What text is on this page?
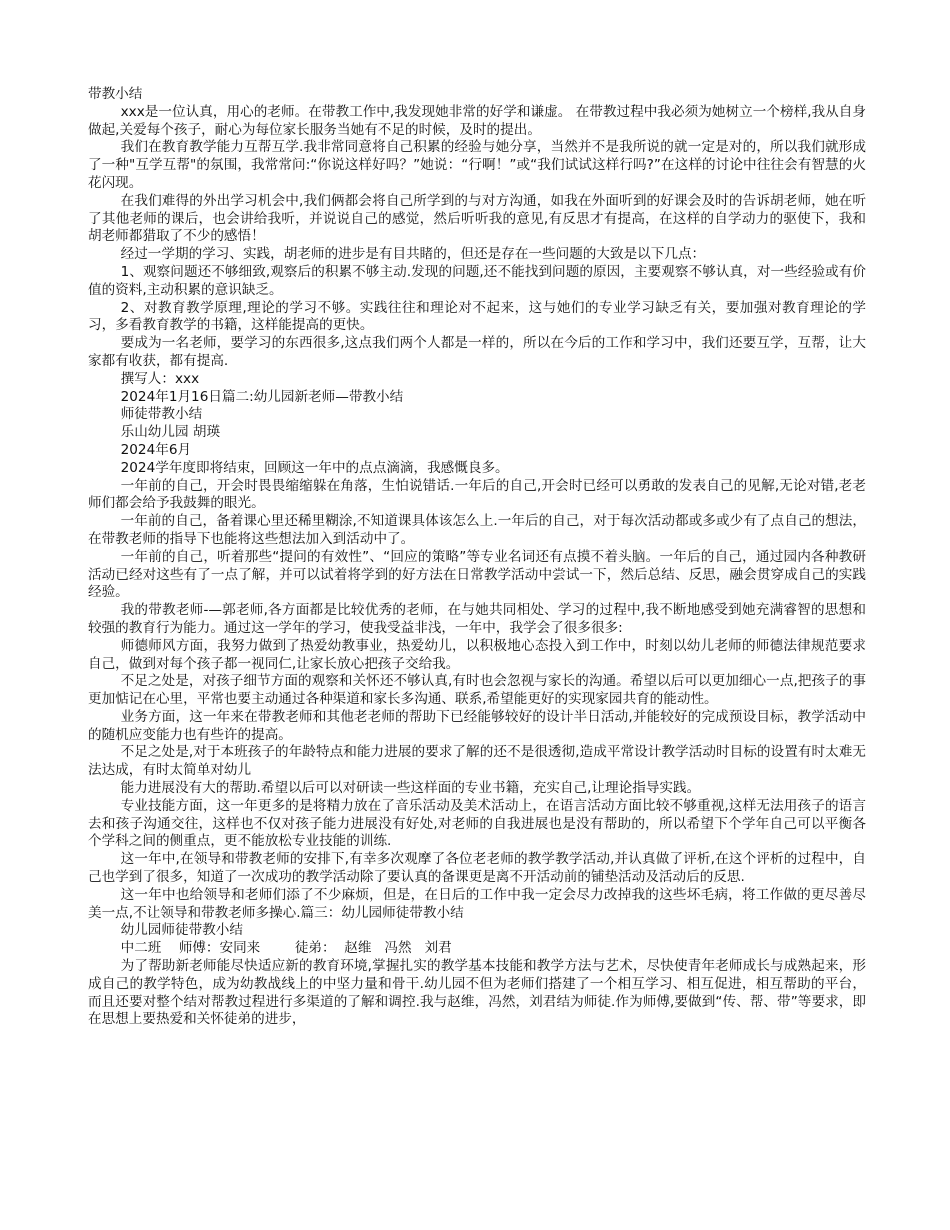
带教小结

xxx是一位认真，用心的老师。在带教工作中,我发现她非常的好学和谦虚。 在带教过程中我必须为她树立一个榜样,我从自身做起,关爱每个孩子，耐心为每位家长服务当她有不足的时候，及时的提出。

我们在教育教学能力互帮互学.我非常同意将自己积累的经验与她分享，当然并不是我所说的就一定是对的，所以我们就形成了一种"互学互帮"的氛围，我常常问:“你说这样好吗？”她说：“行啊！”或“我们试试这样行吗?”在这样的讨论中往往会有智慧的火花闪现。

在我们难得的外出学习机会中,我们俩都会将自己所学到的与对方沟通，如我在外面听到的好课会及时的告诉胡老师，她在听了其他老师的课后，也会讲给我听，并说说自己的感觉，然后听听我的意见,有反思才有提高，在这样的自学动力的驱使下，我和胡老师都猎取了不少的感悟！

经过一学期的学习、实践，胡老师的进步是有目共睹的，但还是存在一些问题的大致是以下几点：

1、观察问题还不够细致,观察后的积累不够主动.发现的问题,还不能找到问题的原因，主要观察不够认真，对一些经验或有价值的资料,主动积累的意识缺乏。

2、对教育教学原理,理论的学习不够。实践往往和理论对不起来，这与她们的专业学习缺乏有关，要加强对教育理论的学习，多看教育教学的书籍，这样能提高的更快。

要成为一名老师，要学习的东西很多,这点我们两个人都是一样的，所以在今后的工作和学习中，我们还要互学，互帮，让大家都有收获，都有提高.

撰写人：xxx

2024年1月16日篇二:幼儿园新老师—带教小结

师徒带教小结

乐山幼儿园 胡瑛

2024年6月

2024学年度即将结束，回顾这一年中的点点滴滴，我感慨良多。

一年前的自己，开会时畏畏缩缩躲在角落，生怕说错话.一年后的自己,开会时已经可以勇敢的发表自己的见解,无论对错,老老师们都会给予我鼓舞的眼光。

一年前的自己，备着课心里还稀里糊涂,不知道课具体该怎么上.一年后的自己，对于每次活动都或多或少有了点自己的想法，在带教老师的指导下也能将这些想法加入到活动中了。

一年前的自己，听着那些“提问的有效性”、“回应的策略”等专业名词还有点摸不着头脑。一年后的自己，通过园内各种教研活动已经对这些有了一点了解，并可以试着将学到的好方法在日常教学活动中尝试一下，然后总结、反思，融会贯穿成自己的实践经验。

我的带教老师-—郭老师,各方面都是比较优秀的老师，在与她共同相处、学习的过程中,我不断地感受到她充满睿智的思想和较强的教育行为能力。通过这一学年的学习，使我受益非浅，一年中，我学会了很多很多:

师德师风方面，我努力做到了热爱幼教事业，热爱幼儿，以积极地心态投入到工作中，时刻以幼儿老师的师德法律规范要求自己，做到对每个孩子都一视同仁,让家长放心把孩子交给我。

不足之处是，对孩子细节方面的观察和关怀还不够认真,有时也会忽视与家长的沟通。希望以后可以更加细心一点,把孩子的事更加惦记在心里，平常也要主动通过各种渠道和家长多沟通、联系,希望能更好的实现家园共育的能动性。

业务方面，这一年来在带教老师和其他老老师的帮助下已经能够较好的设计半日活动,并能较好的完成预设目标，教学活动中的随机应变能力也有些许的提高。

不足之处是,对于本班孩子的年龄特点和能力进展的要求了解的还不是很透彻,造成平常设计教学活动时目标的设置有时太难无法达成，有时太简单对幼儿

能力进展没有大的帮助.希望以后可以对研读一些这样面的专业书籍，充实自己,让理论指导实践。

专业技能方面，这一年更多的是将精力放在了音乐活动及美术活动上，在语言活动方面比较不够重视,这样无法用孩子的语言去和孩子沟通交往，这样也不仅对孩子能力进展没有好处,对老师的自我进展也是没有帮助的，所以希望下个学年自己可以平衡各个学科之间的侧重点，更不能放松专业技能的训练.

这一年中,在领导和带教老师的安排下,有幸多次观摩了各位老老师的教学教学活动,并认真做了评析,在这个评析的过程中，自己也学到了很多，知道了一次成功的教学活动除了要认真的备课更是离不开活动前的铺垫活动及活动后的反思.

这一年中也给领导和老师们添了不少麻烦，但是，在日后的工作中我一定会尽力改掉我的这些坏毛病，将工作做的更尽善尽美一点,不让领导和带教老师多操心.篇三：幼儿园师徒带教小结

幼儿园师徒带教小结

中二班    师傅：安同来        徒弟：  赵维   冯然   刘君

为了帮助新老师能尽快适应新的教育环境,掌握扎实的教学基本技能和教学方法与艺术，尽快使青年老师成长与成熟起来，形成自己的教学特色，成为幼教战线上的中坚力量和骨干.幼儿园不但为老师们搭建了一个相互学习、相互促进，相互帮助的平台，而且还要对整个结对帮教过程进行多渠道的了解和调控.我与赵维，冯然，刘君结为师徒.作为师傅,要做到“传、帮、带”等要求，即在思想上要热爱和关怀徒弟的进步，
